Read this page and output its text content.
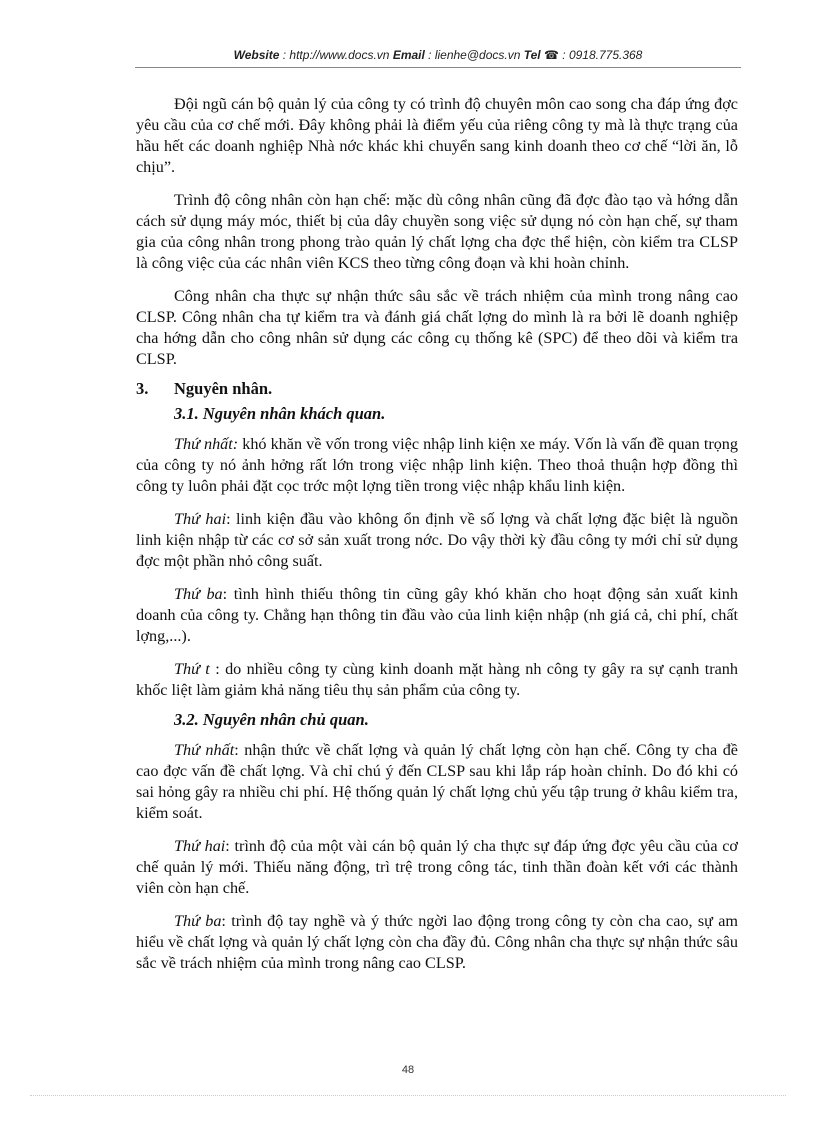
Website : http://www.docs.vn Email : lienhe@docs.vn Tel ☎ : 0918.775.368

Đội ngũ cán bộ quản lý của công ty có trình độ chuyên môn cao song cha đáp ứng đợc yêu cầu của cơ chế mới. Đây không phải là điểm yếu của riêng công ty mà là thực trạng của hầu hết các doanh nghiệp Nhà nớc khác khi chuyển sang kinh doanh theo cơ chế “lời ăn, lỗ chịu”.

Trình độ công nhân còn hạn chế: mặc dù công nhân cũng đã đợc đào tạo và hớng dẫn cách sử dụng máy móc, thiết bị của dây chuyền song việc sử dụng nó còn hạn chế, sự tham gia của công nhân trong phong trào quản lý chất lợng cha đợc thể hiện, còn kiểm tra CLSP là công việc của các nhân viên KCS theo từng công đoạn và khi hoàn chỉnh.

Công nhân cha thực sự nhận thức sâu sắc về trách nhiệm của mình trong nâng cao CLSP. Công nhân cha tự kiểm tra và đánh giá chất lợng do mình là ra bởi lẽ doanh nghiệp cha hớng dẫn cho công nhân sử dụng các công cụ thống kê (SPC) để theo dõi và kiểm tra CLSP.

3.	Nguyên nhân.
3.1. Nguyên nhân khách quan.

Thứ nhất: khó khăn về vốn trong việc nhập linh kiện xe máy. Vốn là vấn đề quan trọng của công ty nó ảnh hởng rất lớn trong việc nhập linh kiện. Theo thoả thuận hợp đồng thì công ty luôn phải đặt cọc trớc một lợng tiền trong việc nhập khẩu linh kiện.

Thứ hai: linh kiện đầu vào không ổn định về số lợng và chất lợng đặc biệt là nguồn linh kiện nhập từ các cơ sở sản xuất trong nớc. Do vậy thời kỳ đầu công ty mới chỉ sử dụng đợc một phần nhỏ công suất.

Thứ ba: tình hình thiếu thông tin cũng gây khó khăn cho hoạt động sản xuất kinh doanh của công ty. Chẳng hạn thông tin đầu vào của linh kiện nhập (nh giá cả, chi phí, chất lợng,...).

Thứ t : do nhiều công ty cùng kinh doanh mặt hàng nh công ty gây ra sự cạnh tranh khốc liệt làm giảm khả năng tiêu thụ sản phẩm của công ty.

3.2. Nguyên nhân chủ quan.

Thứ nhất: nhận thức về chất lợng và quản lý chất lợng còn hạn chế. Công ty cha đề cao đợc vấn đề chất lợng. Và chỉ chú ý đến CLSP sau khi lắp ráp hoàn chỉnh. Do đó khi có sai hỏng gây ra nhiều chi phí. Hệ thống quản lý chất lợng chủ yếu tập trung ở khâu kiểm tra, kiểm soát.

Thứ hai: trình độ của một vài cán bộ quản lý cha thực sự đáp ứng đợc yêu cầu của cơ chế quản lý mới. Thiếu năng động, trì trệ trong công tác, tinh thần đoàn kết với các thành viên còn hạn chế.

Thứ ba: trình độ tay nghề và ý thức ngời lao động trong công ty còn cha cao, sự am hiểu về chất lợng và quản lý chất lợng còn cha đầy đủ. Công nhân cha thực sự nhận thức sâu sắc về trách nhiệm của mình trong nâng cao CLSP.

48
